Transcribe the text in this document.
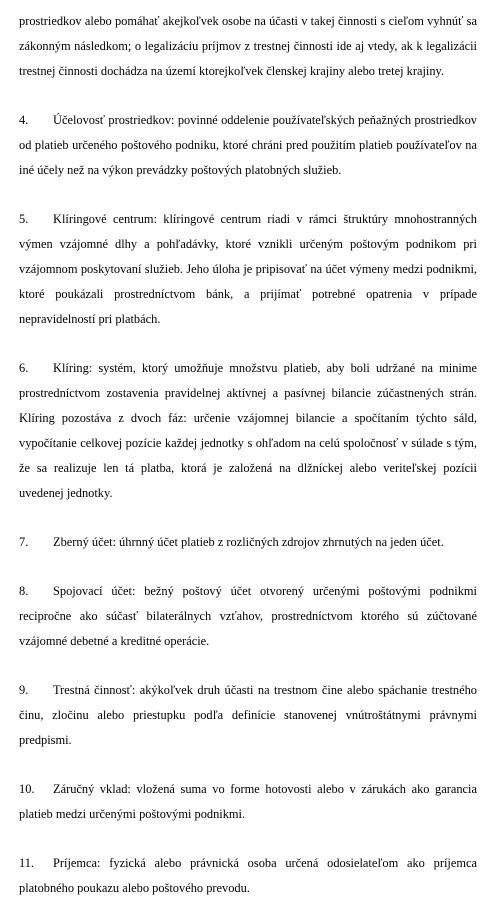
prostriedkov alebo pomáhať akejkoľvek osobe na účasti v takej činnosti s cieľom vyhnúť sa zákonným následkom; o legalizáciu príjmov z trestnej činnosti ide aj vtedy, ak k legalizácii trestnej činnosti dochádza na území ktorejkoľvek členskej krajiny alebo tretej krajiny.

4. Účelovosť prostriedkov: povinné oddelenie používateľských peňažných prostriedkov od platieb určeného poštového podniku, ktoré chráni pred použitím platieb používateľov na iné účely než na výkon prevádzky poštových platobných služieb.

5. Klíringové centrum: klíringové centrum riadi v rámci štruktúry mnohostranných výmen vzájomné dlhy a pohľadávky, ktoré vznikli určeným poštovým podnikom pri vzájomnom poskytovaní služieb. Jeho úloha je pripisovať na účet výmeny medzi podnikmi, ktoré poukázali prostredníctvom bánk, a prijímať potrebné opatrenia v prípade nepravidelností pri platbách.

6. Klíring: systém, ktorý umožňuje množstvu platieb, aby boli udržané na minime prostredníctvom zostavenia pravidelnej aktívnej a pasívnej bilancie zúčastnených strán. Klíring pozostáva z dvoch fáz: určenie vzájomnej bilancie a spočítaním týchto sáld, vypočítanie celkovej pozície každej jednotky s ohľadom na celú spoločnosť v súlade s tým, že sa realizuje len tá platba, ktorá je založená na dlžníckej alebo veriteľskej pozícii uvedenej jednotky.

7. Zberný účet: úhrnný účet platieb z rozličných zdrojov zhrnutých na jeden účet.

8. Spojovací účet: bežný poštový účet otvorený určenými poštovými podnikmi recipročne ako súčasť bilaterálnych vzťahov, prostredníctvom ktorého sú zúčtované vzájomné debetné a kreditné operácie.

9. Trestná činnosť: akýkoľvek druh účasti na trestnom čine alebo spáchanie trestného činu, zločinu alebo priestupku podľa definície stanovenej vnútroštátnymi právnymi predpismi.

10. Záručný vklad: vložená suma vo forme hotovosti alebo v zárukách ako garancia platieb medzi určenými poštovými podnikmi.

11. Príjemca: fyzická alebo právnická osoba určená odosielateľom ako príjemca platobného poukazu alebo poštového prevodu.
